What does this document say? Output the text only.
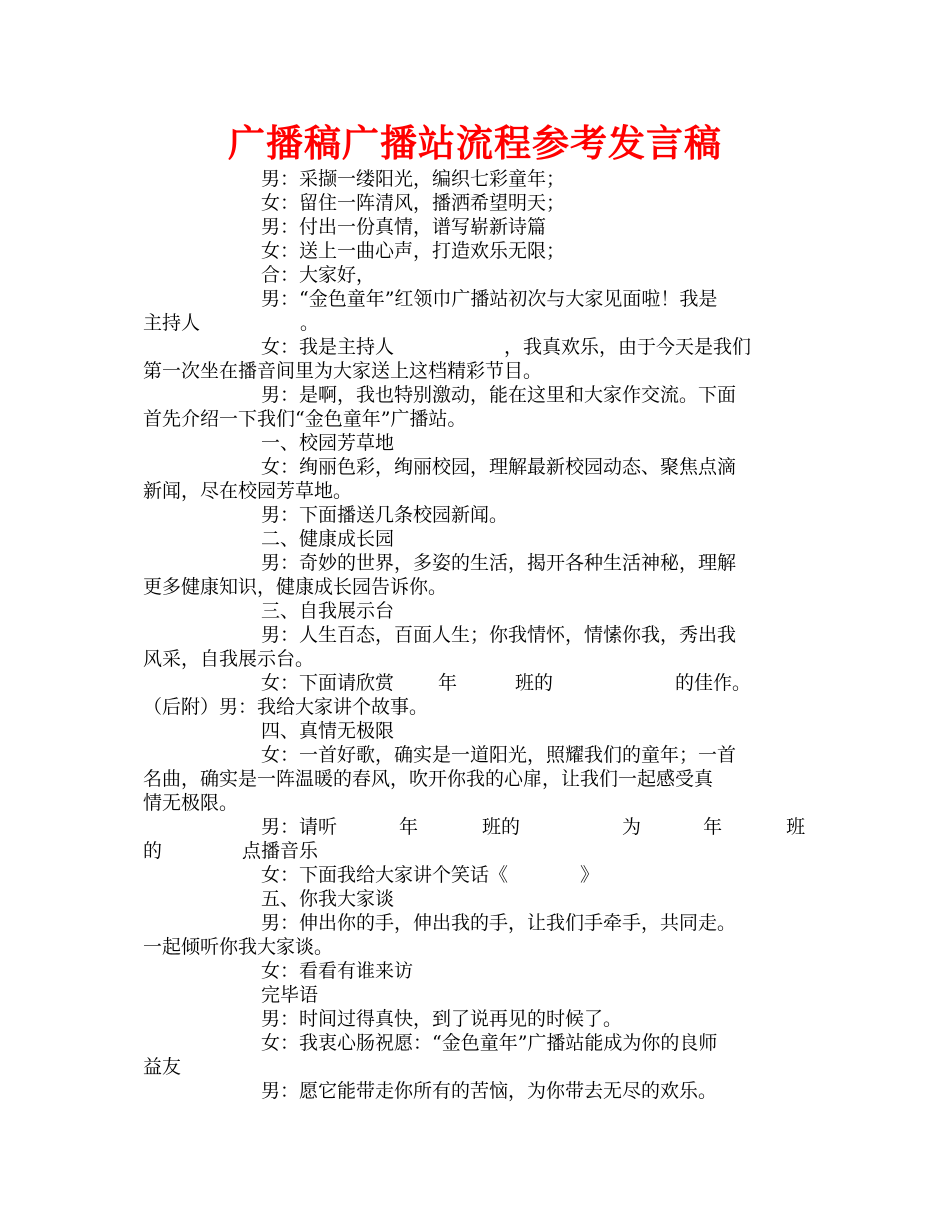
广播稿广播站流程参考发言稿

男：采撷一缕阳光，编织七彩童年；

女：留住一阵清风，播洒希望明天；

男：付出一份真情，谱写崭新诗篇

女：送上一曲心声，打造欢乐无限；

合：大家好，

男：“金色童年”红领巾广播站初次与大家见面啦！我是

主持人	。

女：我是主持人	，我真欢乐，由于今天是我们

第一次坐在播音间里为大家送上这档精彩节目。

男：是啊，我也特别激动，能在这里和大家作交流。下面

首先介绍一下我们“金色童年”广播站。

一、校园芳草地

女：绚丽色彩，绚丽校园，理解最新校园动态、聚焦点滴

新闻，尽在校园芳草地。

男：下面播送几条校园新闻。

二、健康成长园

男：奇妙的世界，多姿的生活，揭开各种生活神秘，理解

更多健康知识，健康成长园告诉你。

三、自我展示台

男：人生百态，百面人生；你我情怀，情愫你我，秀出我

风采，自我展示台。

女：下面请欣赏 年	班的	的佳作。

（后附）男：我给大家讲个故事。

四、真情无极限

女：一首好歌，确实是一道阳光，照耀我们的童年；一首

名曲，确实是一阵温暖的春风，吹开你我的心扉，让我们一起感受真

情无极限。

男：请听	年	班的	为	年	班

的	点播音乐

女：下面我给大家讲个笑话《	》

五、你我大家谈

男：伸出你的手，伸出我的手，让我们手牵手，共同走。

一起倾听你我大家谈。

女：看看有谁来访

完毕语

男：时间过得真快，到了说再见的时候了。

女：我衷心肠祝愿：“金色童年”广播站能成为你的良师

益友

男：愿它能带走你所有的苦恼，为你带去无尽的欢乐。
